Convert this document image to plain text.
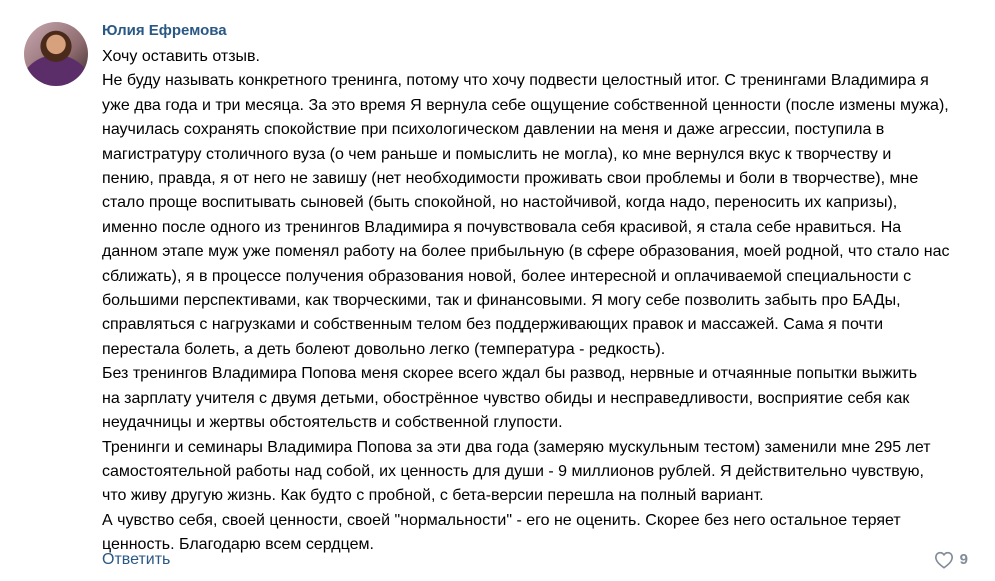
Юлия Ефремова
Хочу оставить отзыв.
Не буду называть конкретного тренинга, потому что хочу подвести целостный итог. С тренингами Владимира я
уже два года и три месяца. За это время Я вернула себе ощущение собственной ценности (после измены мужа),
научилась сохранять спокойствие при психологическом давлении на меня и даже агрессии, поступила в
магистратуру столичного вуза (о чем раньше и помыслить не могла), ко мне вернулся вкус к творчеству и
пению, правда, я от него не завишу (нет необходимости проживать свои проблемы и боли в творчестве), мне
стало проще воспитывать сыновей (быть спокойной, но настойчивой, когда надо, переносить их капризы),
именно после одного из тренингов Владимира я почувствовала себя красивой, я стала себе нравиться. На
данном этапе муж уже поменял работу на более прибыльную (в сфере образования, моей родной, что стало нас
сближать), я в процессе получения образования новой, более интересной и оплачиваемой специальности с
большими перспективами, как творческими, так и финансовыми. Я могу себе позволить забыть про БАДы,
справляться с нагрузками и собственным телом без поддерживающих правок и массажей. Сама я почти
перестала болеть, а деть болеют довольно легко (температура - редкость).
Без тренингов Владимира Попова меня скорее всего ждал бы развод, нервные и отчаянные попытки выжить
на зарплату учителя с двумя детьми, обострённое чувство обиды и несправедливости, восприятие себя как
неудачницы и жертвы обстоятельств и собственной глупости.
Тренинги и семинары Владимира Попова за эти два года (замеряю мускульным тестом) заменили мне 295 лет
самостоятельной работы над собой, их ценность для души - 9 миллионов рублей. Я действительно чувствую,
что живу другую жизнь. Как будто с пробной, с бета-версии перешла на полный вариант.
А чувство себя, своей ценности, своей "нормальности" - его не оценить. Скорее без него остальное теряет
ценность. Благодарю всем сердцем.
Ответить	9
